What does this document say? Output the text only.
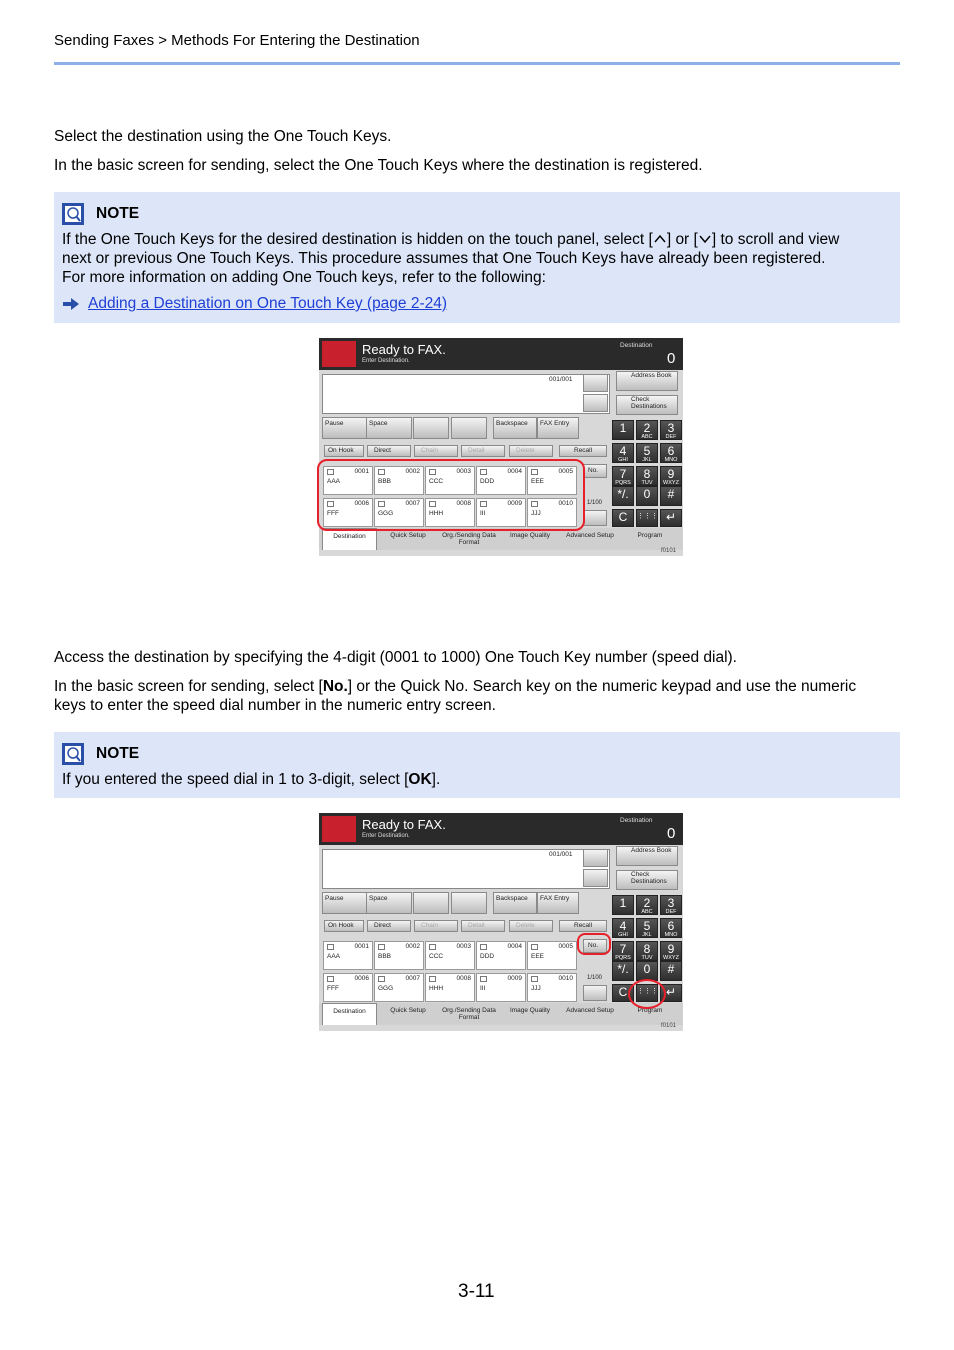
Sending Faxes > Methods For Entering the Destination
Select the destination using the One Touch Keys.
In the basic screen for sending, select the One Touch Keys where the destination is registered.
NOTE
If the One Touch Keys for the desired destination is hidden on the touch panel, select [ ] or [ ] to scroll and view
next or previous One Touch Keys. This procedure assumes that One Touch Keys have already been registered.
For more information on adding One Touch keys, refer to the following:
Adding a Destination on One Touch Key (page 2-24)
Ready to FAX.
Enter Destination.
Destination
0
001/001
Address Book
Check Destinations
Pause	Space	Backspace	FAX Entry
On Hook	Direct	Chain	Detail	Delete	Recall
0001
AAA
0002
BBB
0003
CCC
0004
DDD
0005
EEE
0006
FFF
0007
GGG
0008
HHH
0009
III
0010
JJJ
No.
1/100
1	2
ABC
3
DEF
4
GHI
5
JKL
6
MNO
7
PQRS
8
TUV
9
WXYZ
*/.	0	#
C	⋮⋮⋮ ↵
Destination	Quick Setup	Org./Sending Data Format
Image Quality	Advanced Setup	Program
f0101
Access the destination by specifying the 4-digit (0001 to 1000) One Touch Key number (speed dial).
In the basic screen for sending, select [No.] or the Quick No. Search key on the numeric keypad and use the numeric
keys to enter the speed dial number in the numeric entry screen.
NOTE
If you entered the speed dial in 1 to 3-digit, select [OK].
Ready to FAX.
Enter Destination.
Destination
0
001/001
Address Book
Check Destinations
Pause	Space	Backspace	FAX Entry
On Hook	Direct	Chain	Detail	Delete	Recall
0001
AAA
0002
BBB
0003
CCC
0004
DDD
0005
EEE
0006
FFF
0007
GGG
0008
HHH
0009
III
0010
JJJ
No.
1/100
1	2
ABC
3
DEF
4
GHI
5
JKL
6
MNO
7
PQRS
8
TUV
9
WXYZ
*/.	0	#
C	⋮⋮⋮ ↵
Destination	Quick Setup	Org./Sending Data Format
Image Quality	Advanced Setup	Program
f0101
3-11
